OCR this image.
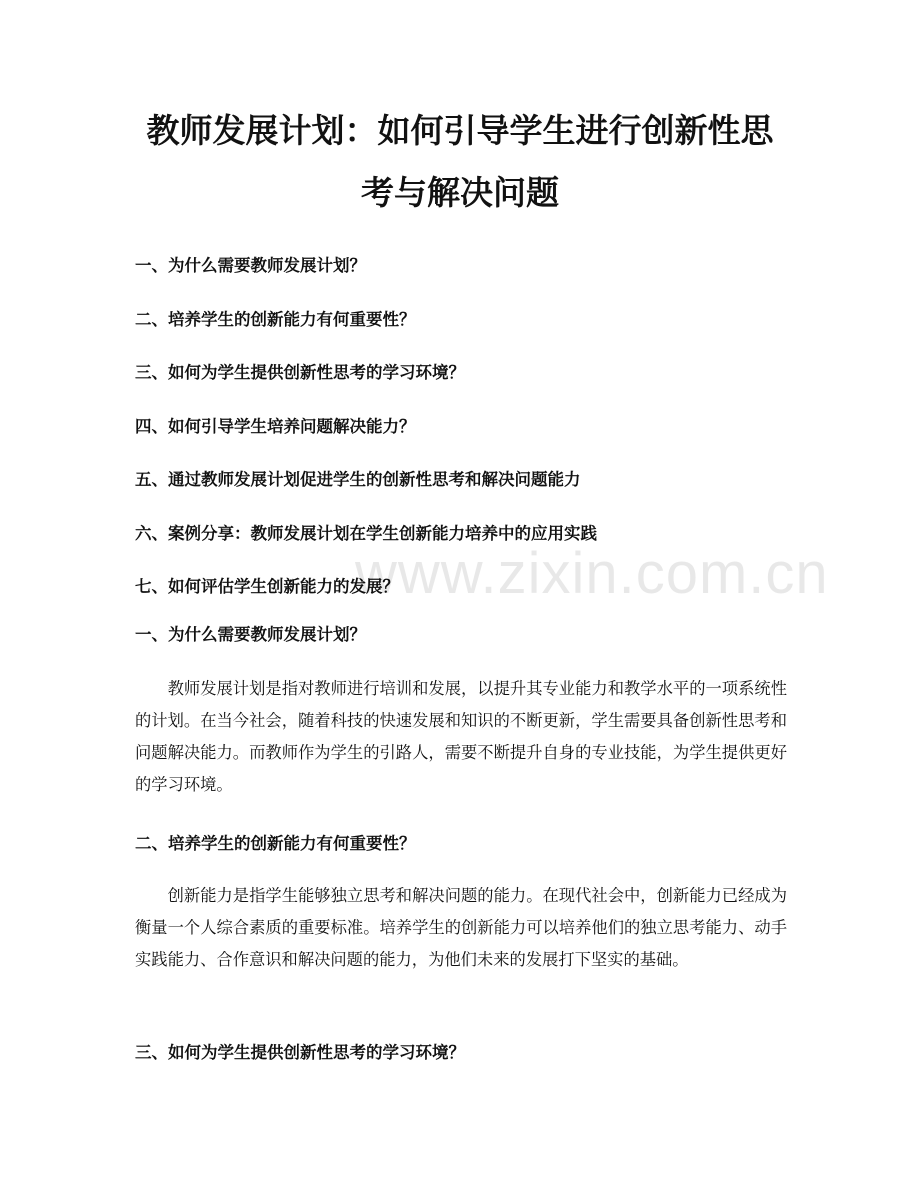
教师发展计划：如何引导学生进行创新性思
考与解决问题
一、为什么需要教师发展计划？
二、培养学生的创新能力有何重要性？
三、如何为学生提供创新性思考的学习环境？
四、如何引导学生培养问题解决能力？
五、通过教师发展计划促进学生的创新性思考和解决问题能力
六、案例分享：教师发展计划在学生创新能力培养中的应用实践
七、如何评估学生创新能力的发展？
www.zixin.com.cn
一、为什么需要教师发展计划？

教师发展计划是指对教师进行培训和发展，以提升其专业能力和教学水平的一项系统性的计划。在当今社会，随着科技的快速发展和知识的不断更新，学生需要具备创新性思考和问题解决能力。而教师作为学生的引路人，需要不断提升自身的专业技能，为学生提供更好的学习环境。

二、培养学生的创新能力有何重要性？

创新能力是指学生能够独立思考和解决问题的能力。在现代社会中，创新能力已经成为衡量一个人综合素质的重要标准。培养学生的创新能力可以培养他们的独立思考能力、动手实践能力、合作意识和解决问题的能力，为他们未来的发展打下坚实的基础。

三、如何为学生提供创新性思考的学习环境？
